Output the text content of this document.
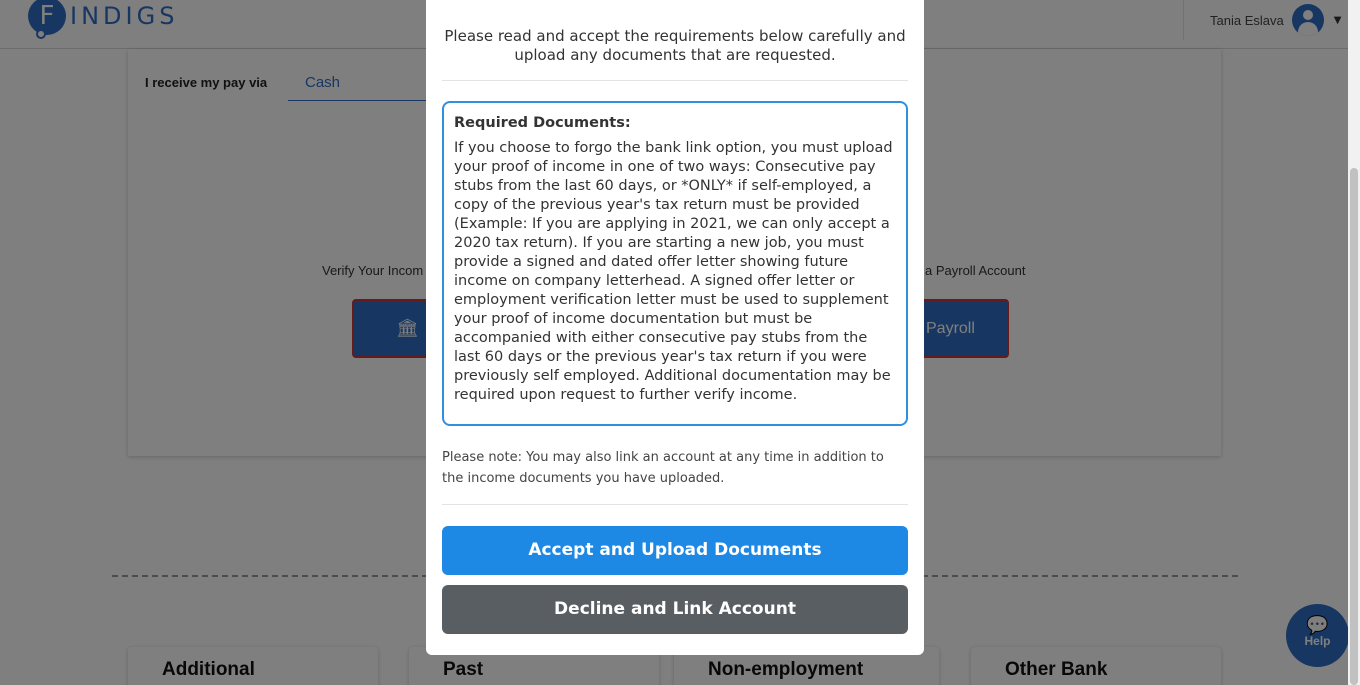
Please read and accept the requirements below carefully and upload any documents that are requested.

Required Documents:
If you choose to forgo the bank link option, you must upload your proof of income in one of two ways: Consecutive pay stubs from the last 60 days, or *ONLY* if self-employed, a copy of the previous year's tax return must be provided (Example: If you are applying in 2021, we can only accept a 2020 tax return). If you are starting a new job, you must provide a signed and dated offer letter showing future income on company letterhead. A signed offer letter or employment verification letter must be used to supplement your proof of income documentation but must be accompanied with either consecutive pay stubs from the last 60 days or the previous year's tax return if you were previously self employed. Additional documentation may be required upon request to further verify income.

Please note: You may also link an account at any time in addition to the income documents you have uploaded.

Accept and Upload Documents
Decline and Link Account
